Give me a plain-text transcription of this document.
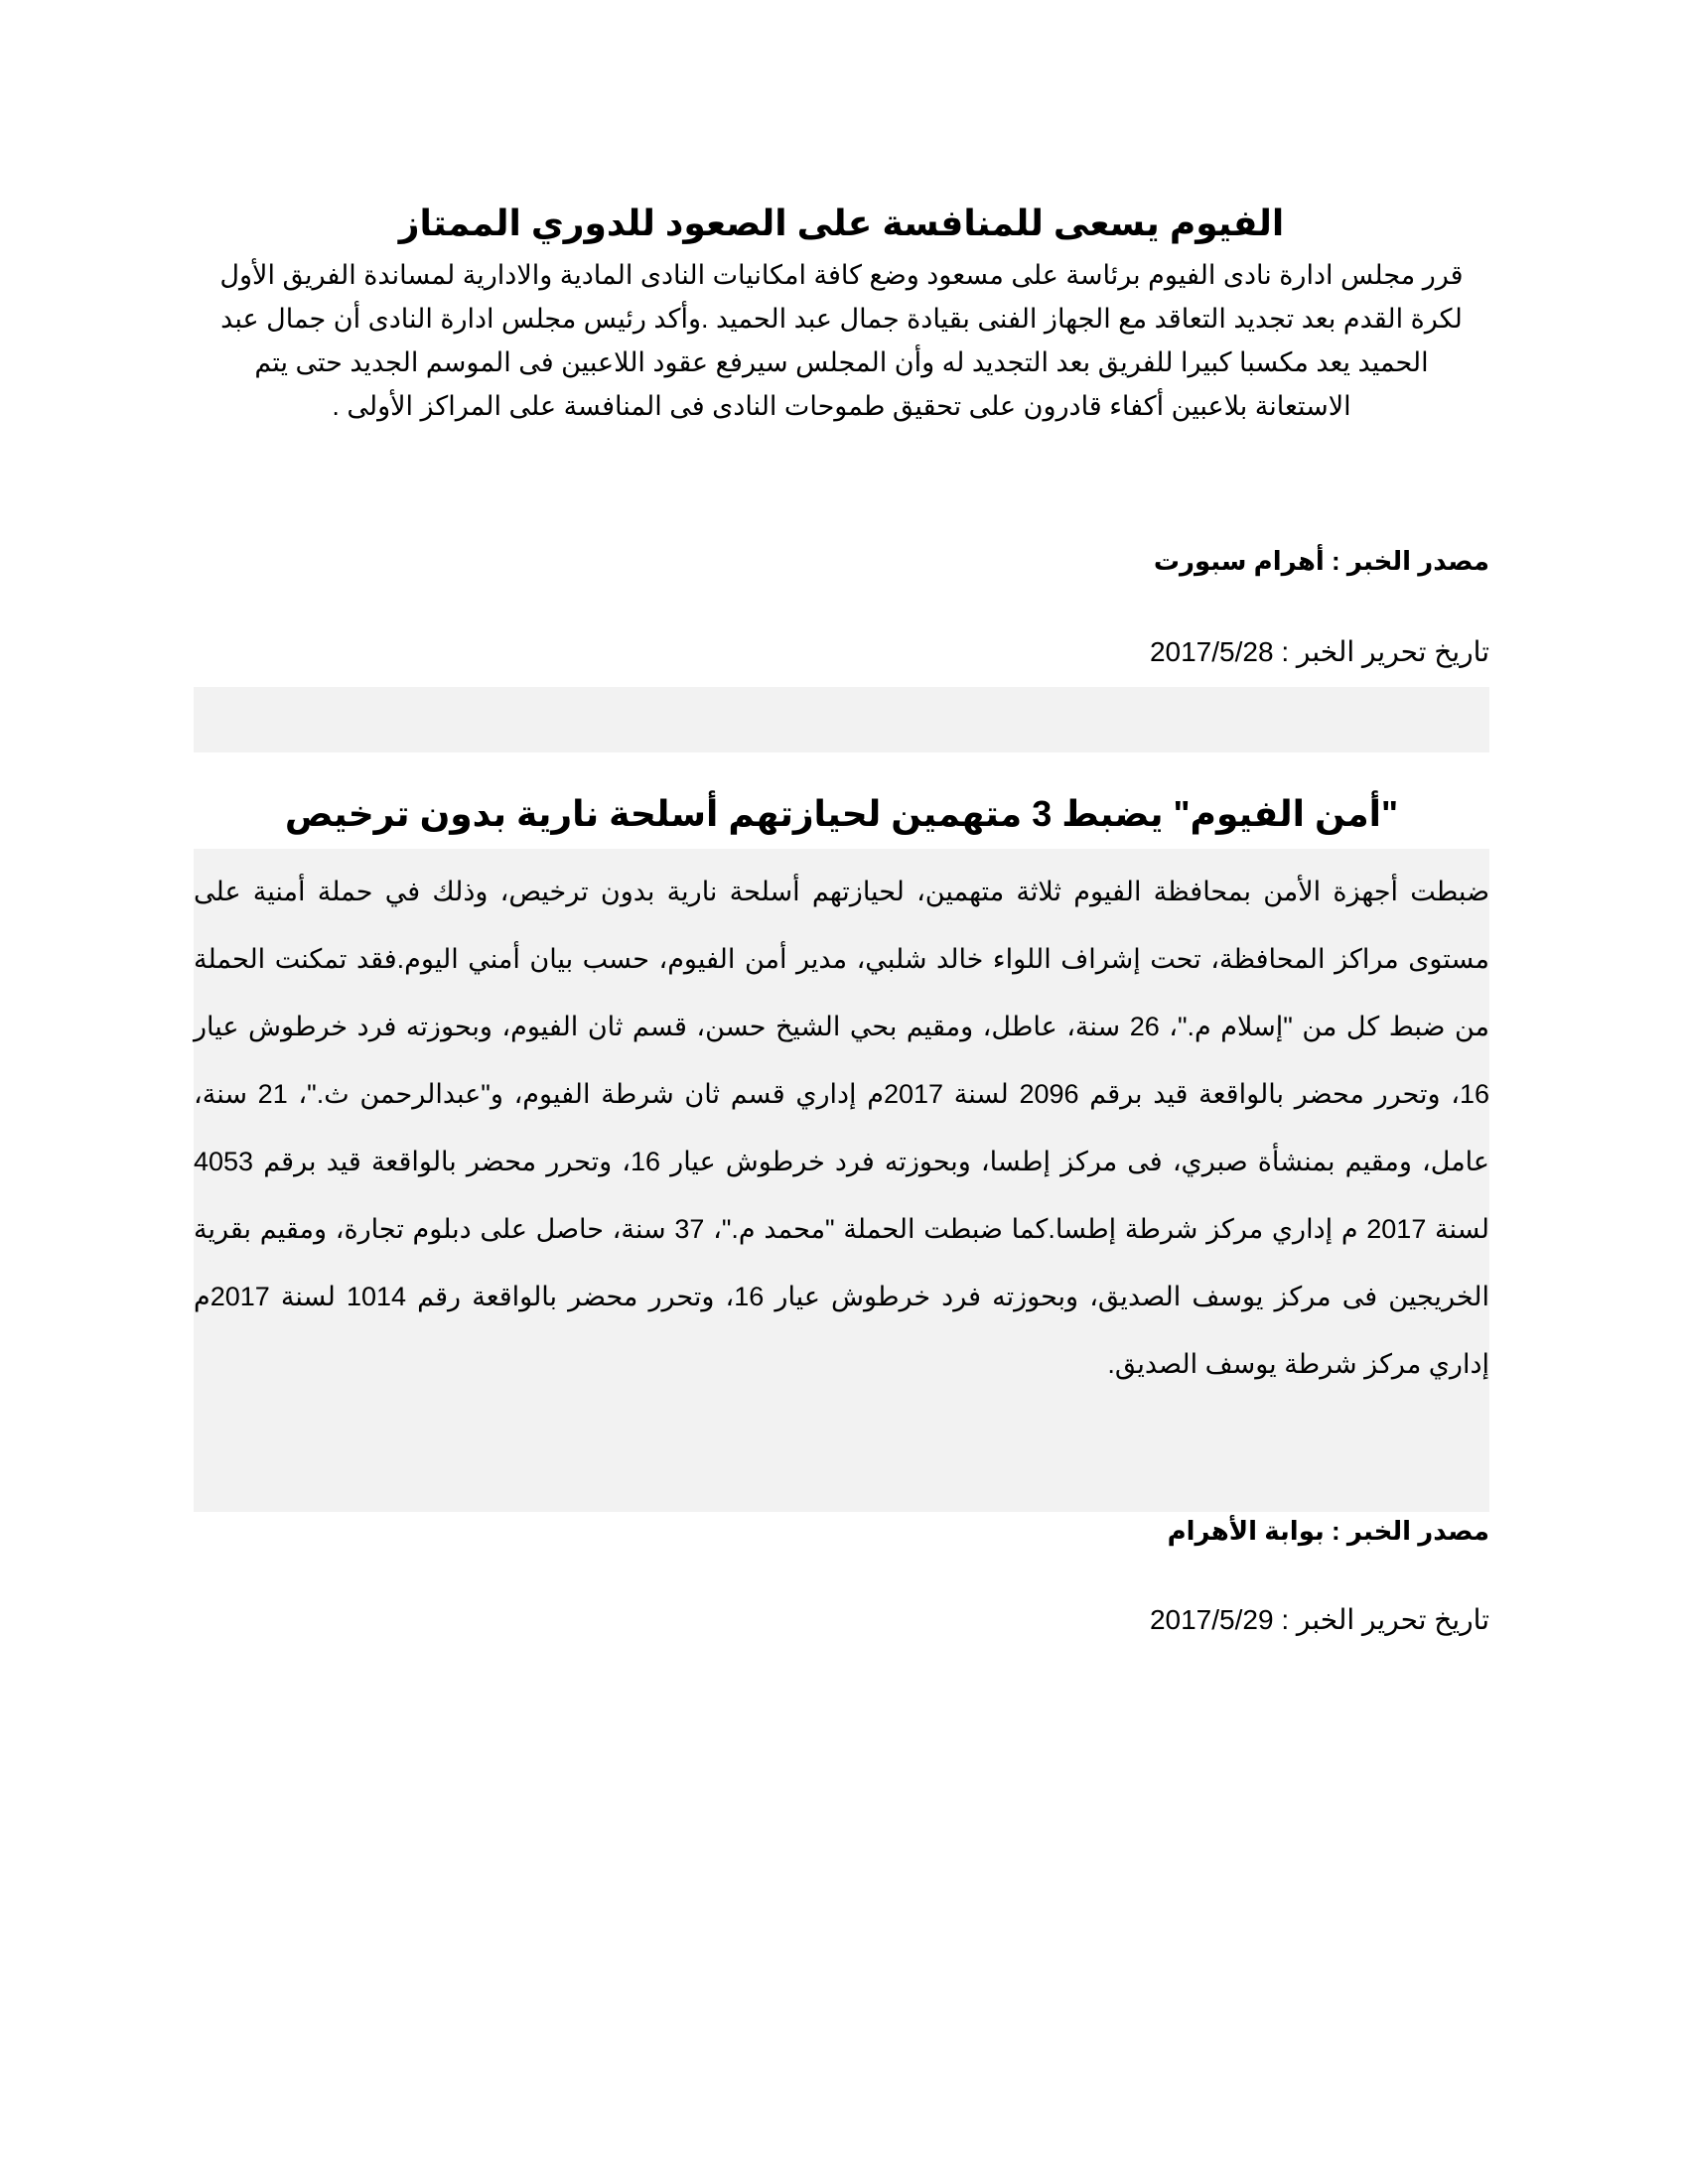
الفيوم يسعى للمنافسة على الصعود للدوري الممتاز

قرر مجلس ادارة نادى الفيوم برئاسة على مسعود وضع كافة امكانيات النادى المادية والادارية لمساندة الفريق الأول لكرة القدم بعد تجديد التعاقد مع الجهاز الفنى بقيادة جمال عبد الحميد .وأكد رئيس مجلس ادارة النادى أن جمال عبد الحميد يعد مكسبا كبيرا للفريق بعد التجديد له وأن المجلس سيرفع عقود اللاعبين فى الموسم الجديد حتى يتم الاستعانة بلاعبين أكفاء قادرون على تحقيق طموحات النادى فى المنافسة على المراكز الأولى .

مصدر الخبر : أهرام سبورت
تاريخ تحرير الخبر : 2017/5/28
"أمن الفيوم" يضبط 3 متهمين لحيازتهم أسلحة نارية بدون ترخيص

ضبطت أجهزة الأمن بمحافظة الفيوم ثلاثة متهمين، لحيازتهم أسلحة نارية بدون ترخيص، وذلك في حملة أمنية على مستوى مراكز المحافظة، تحت إشراف اللواء خالد شلبي، مدير أمن الفيوم، حسب بيان أمني اليوم.فقد تمكنت الحملة من ضبط كل من "إسلام م."، 26 سنة، عاطل، ومقيم بحي الشيخ حسن، قسم ثان الفيوم، وبحوزته فرد خرطوش عيار 16، وتحرر محضر بالواقعة قيد برقم 2096 لسنة 2017م إداري قسم ثان شرطة الفيوم، و"عبدالرحمن ث."، 21 سنة، عامل، ومقيم بمنشأة صبري، فى مركز إطسا، وبحوزته فرد خرطوش عيار 16، وتحرر محضر بالواقعة قيد برقم 4053 لسنة 2017 م إداري مركز شرطة إطسا.كما ضبطت الحملة "محمد م."، 37 سنة، حاصل على دبلوم تجارة، ومقيم بقرية الخريجين فى مركز يوسف الصديق، وبحوزته فرد خرطوش عيار 16، وتحرر محضر بالواقعة رقم 1014 لسنة 2017م إداري مركز شرطة يوسف الصديق.

مصدر الخبر : بوابة الأهرام
تاريخ تحرير الخبر : 2017/5/29
